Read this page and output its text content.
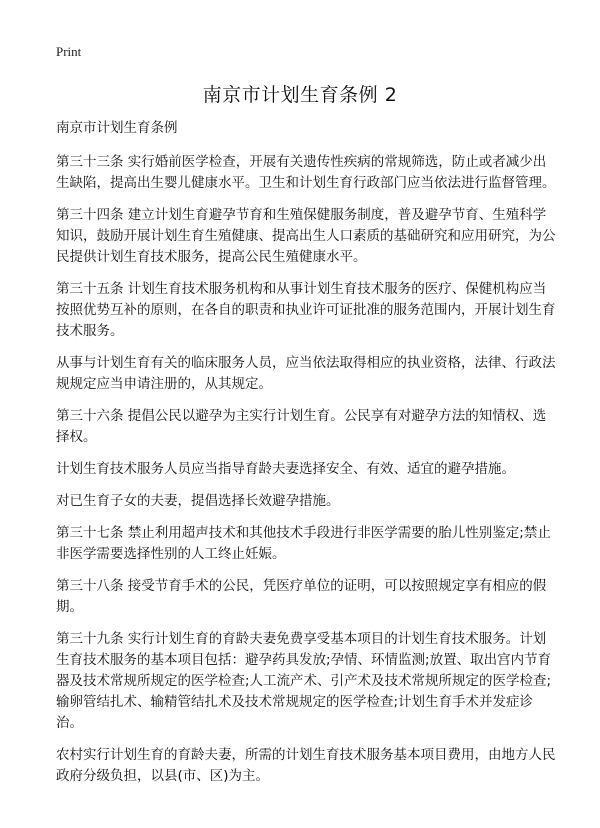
Print
南京市计划生育条例 2

南京市计划生育条例

第三十三条 实行婚前医学检查，开展有关遗传性疾病的常规筛选，防止或者减少出生缺陷，提高出生婴儿健康水平。卫生和计划生育行政部门应当依法进行监督管理。

第三十四条 建立计划生育避孕节育和生殖保健服务制度，普及避孕节育、生殖科学知识，鼓励开展计划生育生殖健康、提高出生人口素质的基础研究和应用研究，为公民提供计划生育技术服务，提高公民生殖健康水平。

第三十五条 计划生育技术服务机构和从事计划生育技术服务的医疗、保健机构应当按照优势互补的原则，在各自的职责和执业许可证批准的服务范围内，开展计划生育技术服务。

从事与计划生育有关的临床服务人员，应当依法取得相应的执业资格，法律、行政法规规定应当申请注册的，从其规定。

第三十六条 提倡公民以避孕为主实行计划生育。公民享有对避孕方法的知情权、选择权。

计划生育技术服务人员应当指导育龄夫妻选择安全、有效、适宜的避孕措施。

对已生育子女的夫妻，提倡选择长效避孕措施。

第三十七条 禁止利用超声技术和其他技术手段进行非医学需要的胎儿性别鉴定;禁止非医学需要选择性别的人工终止妊娠。

第三十八条 接受节育手术的公民，凭医疗单位的证明，可以按照规定享有相应的假期。

第三十九条 实行计划生育的育龄夫妻免费享受基本项目的计划生育技术服务。计划生育技术服务的基本项目包括：避孕药具发放;孕情、环情监测;放置、取出宫内节育器及技术常规所规定的医学检查;人工流产术、引产术及技术常规所规定的医学检查;输卵管结扎术、输精管结扎术及技术常规规定的医学检查;计划生育手术并发症诊治。

农村实行计划生育的育龄夫妻，所需的计划生育技术服务基本项目费用，由地方人民政府分级负担，以县(市、区)为主。
